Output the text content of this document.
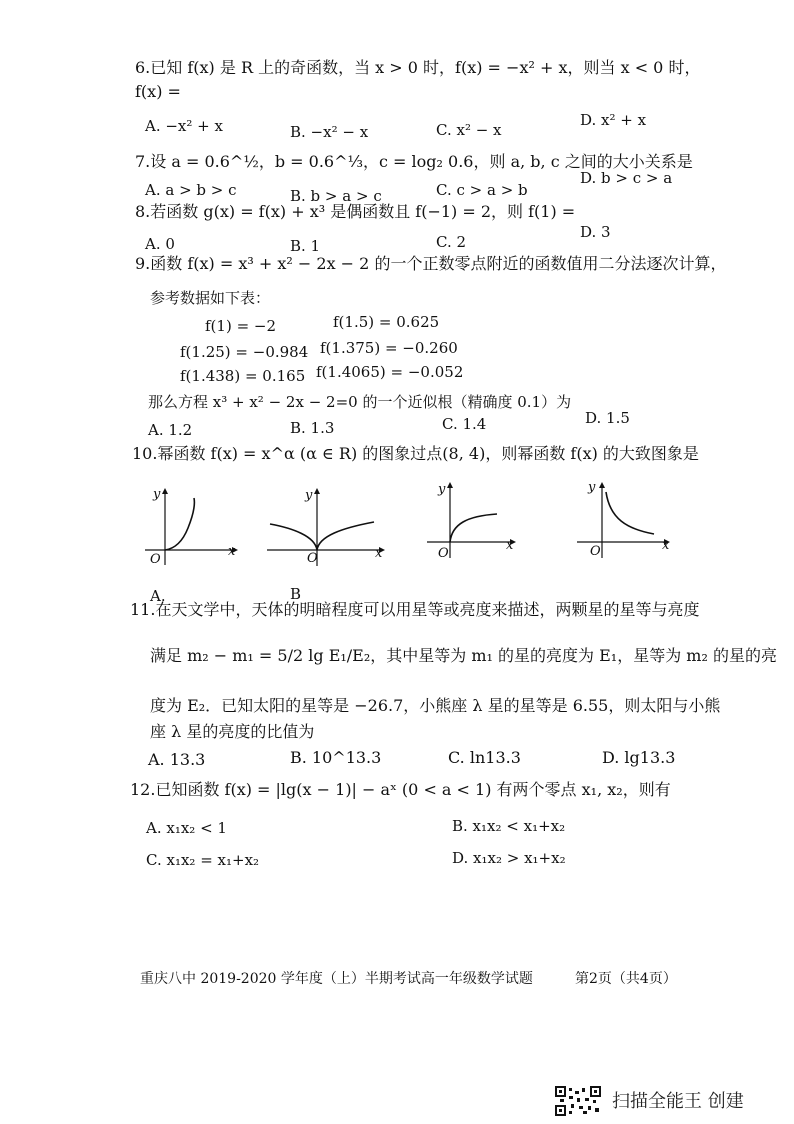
6.已知 f(x) 是 R 上的奇函数，当 x > 0 时，f(x) = −x² + x，则当 x < 0 时，
f(x) =
A. −x² + x	B. −x² − x	C. x² − x
D. x² + x
7.设 a = 0.6^½，b = 0.6^⅓，c = log₂ 0.6，则 a, b, c 之间的大小关系是
A. a > b > c	B. b > a > c	C. c > a > b
D. b > c > a
8.若函数 g(x) = f(x) + x³ 是偶函数且 f(−1) = 2，则 f(1) =
A. 0	B. 1	C. 2
D. 3
9.函数 f(x) = x³ + x² − 2x − 2 的一个正数零点附近的函数值用二分法逐次计算，
参考数据如下表：
f(1) = −2	f(1.5) = 0.625
f(1.25) = −0.984 f(1.375) = −0.260
f(1.438) = 0.165 f(1.4065) = −0.052
那么方程 x³ + x² − 2x − 2=0 的一个近似根（精确度 0.1）为
A. 1.2	B. 1.3	C. 1.4	D. 1.5
10.幂函数 f(x) = x^α (α ∈ R) 的图象过点(8, 4)，则幂函数 f(x) 的大致图象是
y
x
O
A.
y
x
O
B
y
x
O
y
x
O
11.在天文学中，天体的明暗程度可以用星等或亮度来描述，两颗星的星等与亮度
满足 m₂ − m₁ = 5/2 lg E₁/E₂，其中星等为 m₁ 的星的亮度为 E₁，星等为 m₂ 的星的亮
度为 E₂．已知太阳的星等是 −26.7，小熊座 λ 星的星等是 6.55，则太阳与小熊
座 λ 星的亮度的比值为
A. 13.3	B. 10^13.3	C. ln13.3	D. lg13.3
12.已知函数 f(x) = |lg(x − 1)| − aˣ (0 < a < 1) 有两个零点 x₁, x₂，则有
A. x₁x₂ < 1	B. x₁x₂ < x₁+x₂
C. x₁x₂ = x₁+x₂	D. x₁x₂ > x₁+x₂
重庆八中 2019-2020 学年度（上）半期考试高一年级数学试题	第2页（共4页）
扫描全能王 创建
